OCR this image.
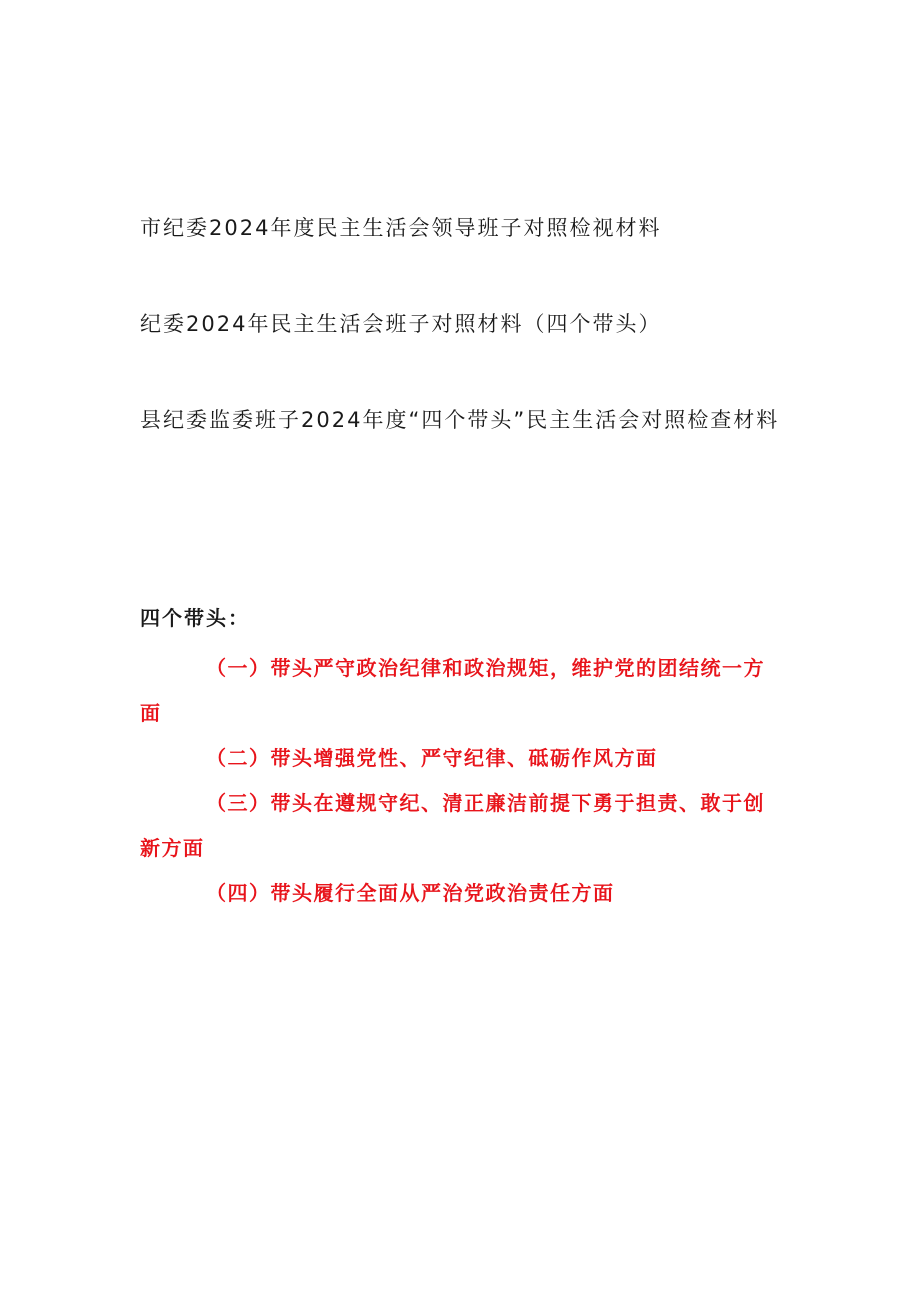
市纪委2024年度民主生活会领导班子对照检视材料

纪委2024年民主生活会班子对照材料（四个带头）

县纪委监委班子2024年度“四个带头”民主生活会对照检查材料

四个带头：

（一）带头严守政治纪律和政治规矩，维护党的团结统一方面
（二）带头增强党性、严守纪律、砥砺作风方面
（三）带头在遵规守纪、清正廉洁前提下勇于担责、敢于创新方面
（四）带头履行全面从严治党政治责任方面
